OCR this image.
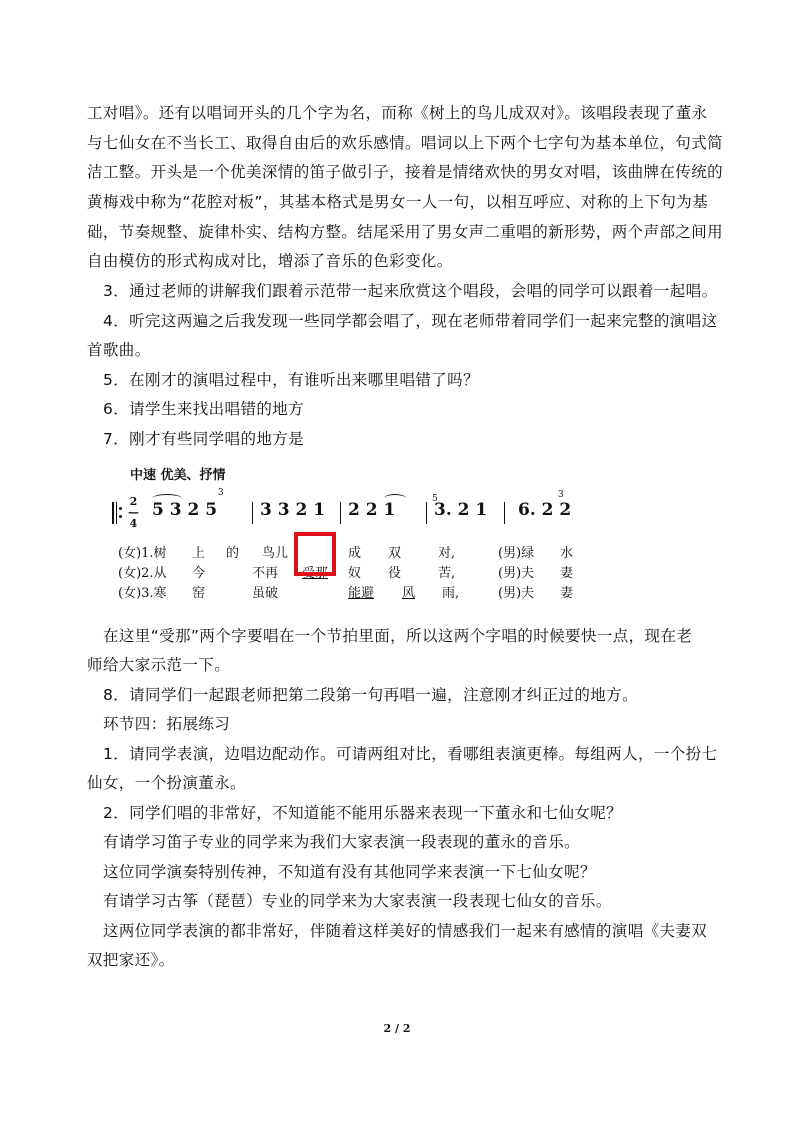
工对唱》。还有以唱词开头的几个字为名，而称《树上的鸟儿成双对》。该唱段表现了董永
与七仙女在不当长工、取得自由后的欢乐感情。唱词以上下两个七字句为基本单位，句式简
洁工整。开头是一个优美深情的笛子做引子，接着是情绪欢快的男女对唱，该曲牌在传统的
黄梅戏中称为“花腔对板”，其基本格式是男女一人一句，以相互呼应、对称的上下句为基
础，节奏规整、旋律朴实、结构方整。结尾采用了男女声二重唱的新形势，两个声部之间用
自由模仿的形式构成对比，增添了音乐的色彩变化。
3．通过老师的讲解我们跟着示范带一起来欣赏这个唱段，会唱的同学可以跟着一起唱。
4．听完这两遍之后我发现一些同学都会唱了，现在老师带着同学们一起来完整的演唱这
首歌曲。
5．在刚才的演唱过程中，有谁听出来哪里唱错了吗？
6．请学生来找出唱错的地方
7．刚才有些同学唱的地方是
中速 优美、抒情
2
—
4
5 3 2 5
3
3 3 2 1 2 2 1
5
3. 2 1 6. 2 2
3
(女)1.树 上 的 鸟儿	成 双	对,	(男)绿 水
(女)2.从 今	不再 受那 奴 役	苦,	(男)夫 妻
(女)3.寒 窑	虽破	能避 风 雨,	(男)夫 妻
在这里“受那”两个字要唱在一个节拍里面，所以这两个字唱的时候要快一点，现在老
师给大家示范一下。
8．请同学们一起跟老师把第二段第一句再唱一遍，注意刚才纠正过的地方。
环节四：拓展练习
1．请同学表演，边唱边配动作。可请两组对比，看哪组表演更棒。每组两人，一个扮七
仙女，一个扮演董永。
2．同学们唱的非常好，不知道能不能用乐器来表现一下董永和七仙女呢？
有请学习笛子专业的同学来为我们大家表演一段表现的董永的音乐。
这位同学演奏特别传神，不知道有没有其他同学来表演一下七仙女呢？
有请学习古筝（琵琶）专业的同学来为大家表演一段表现七仙女的音乐。
这两位同学表演的都非常好，伴随着这样美好的情感我们一起来有感情的演唱《夫妻双
双把家还》。
2 / 2
